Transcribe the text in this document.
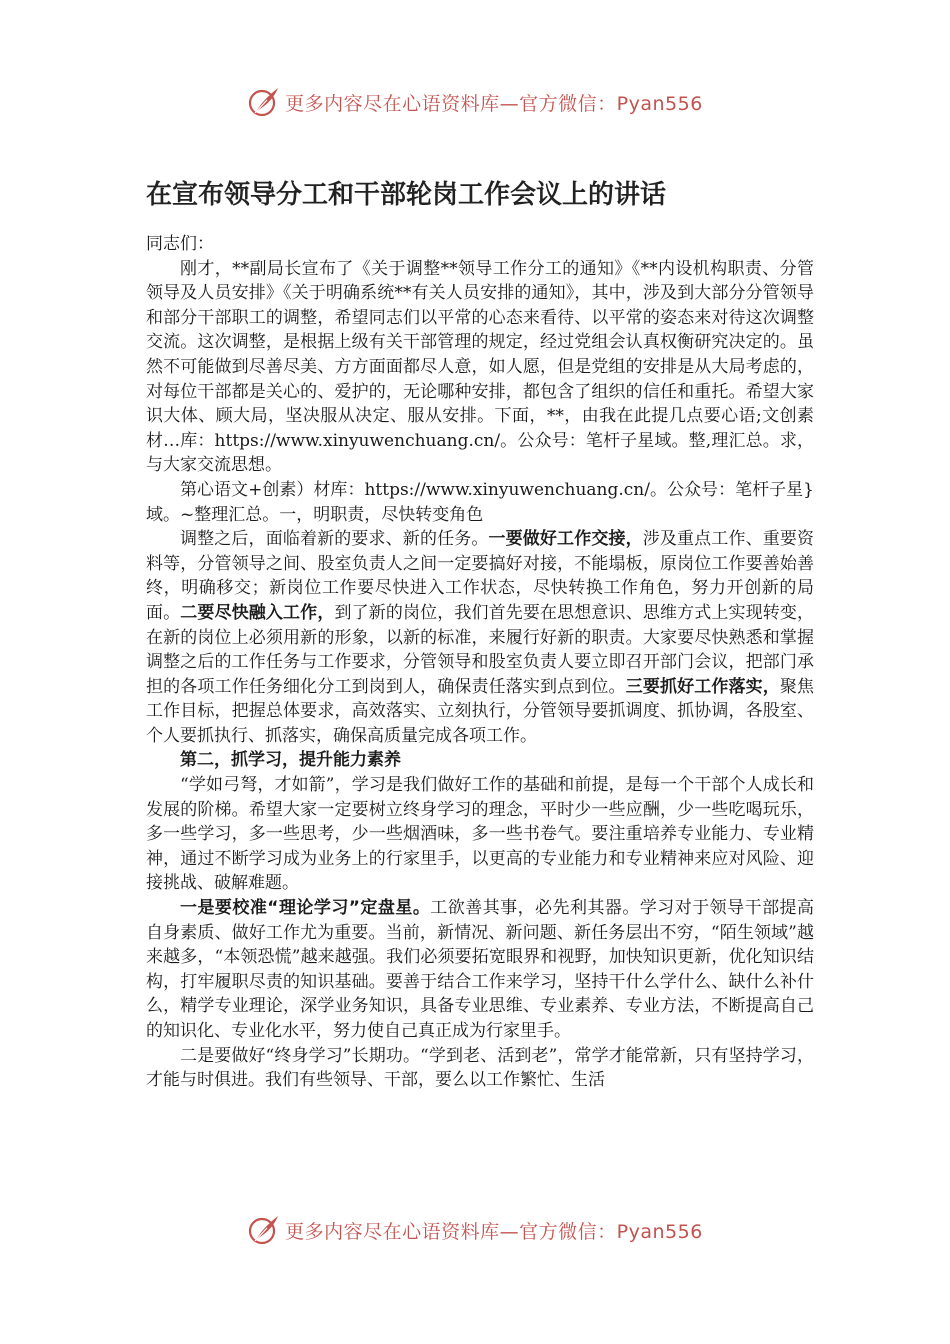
更多内容尽在心语资料库—官方微信：Pyan556
在宣布领导分工和干部轮岗工作会议上的讲话

同志们：

刚才，**副局长宣布了《关于调整**领导工作分工的通知》《**内设机构职责、分管领导及人员安排》《关于明确系统**有关人员安排的通知》，其中，涉及到大部分分管领导和部分干部职工的调整，希望同志们以平常的心态来看待、以平常的姿态来对待这次调整交流。这次调整，是根据上级有关干部管理的规定，经过党组会认真权衡研究决定的。虽然不可能做到尽善尽美、方方面面都尽人意，如人愿，但是党组的安排是从大局考虑的，对每位干部都是关心的、爱护的，无论哪种安排，都包含了组织的信任和重托。希望大家识大体、顾大局，坚决服从决定、服从安排。下面，**，由我在此提几点要心语;文创素材…库：https://www.xinyuwenchuang.cn/。公众号：笔杆子星域。整,理汇总。求，与大家交流思想。

第心语文+创素）材库：https://www.xinyuwenchuang.cn/。公众号：笔杆子星}域。~整理汇总。一，明职责，尽快转变角色

调整之后，面临着新的要求、新的任务。一要做好工作交接，涉及重点工作、重要资料等，分管领导之间、股室负责人之间一定要搞好对接，不能塌板，原岗位工作要善始善终，明确移交；新岗位工作要尽快进入工作状态，尽快转换工作角色，努力开创新的局面。二要尽快融入工作，到了新的岗位，我们首先要在思想意识、思维方式上实现转变，在新的岗位上必须用新的形象，以新的标准，来履行好新的职责。大家要尽快熟悉和掌握调整之后的工作任务与工作要求，分管领导和股室负责人要立即召开部门会议，把部门承担的各项工作任务细化分工到岗到人，确保责任落实到点到位。三要抓好工作落实，聚焦工作目标，把握总体要求，高效落实、立刻执行，分管领导要抓调度、抓协调，各股室、个人要抓执行、抓落实，确保高质量完成各项工作。

第二，抓学习，提升能力素养

“学如弓弩，才如箭”，学习是我们做好工作的基础和前提，是每一个干部个人成长和发展的阶梯。希望大家一定要树立终身学习的理念，平时少一些应酬，少一些吃喝玩乐，多一些学习，多一些思考，少一些烟酒味，多一些书卷气。要注重培养专业能力、专业精神，通过不断学习成为业务上的行家里手，以更高的专业能力和专业精神来应对风险、迎接挑战、破解难题。

一是要校准“理论学习”定盘星。工欲善其事，必先利其器。学习对于领导干部提高自身素质、做好工作尤为重要。当前，新情况、新问题、新任务层出不穷，“陌生领域”越来越多，“本领恐慌”越来越强。我们必须要拓宽眼界和视野，加快知识更新，优化知识结构，打牢履职尽责的知识基础。要善于结合工作来学习，坚持干什么学什么、缺什么补什么，精学专业理论，深学业务知识，具备专业思维、专业素养、专业方法，不断提高自己的知识化、专业化水平，努力使自己真正成为行家里手。

二是要做好“终身学习”长期功。“学到老、活到老”，常学才能常新，只有坚持学习，才能与时俱进。我们有些领导、干部，要么以工作繁忙、生活

更多内容尽在心语资料库—官方微信：Pyan556
